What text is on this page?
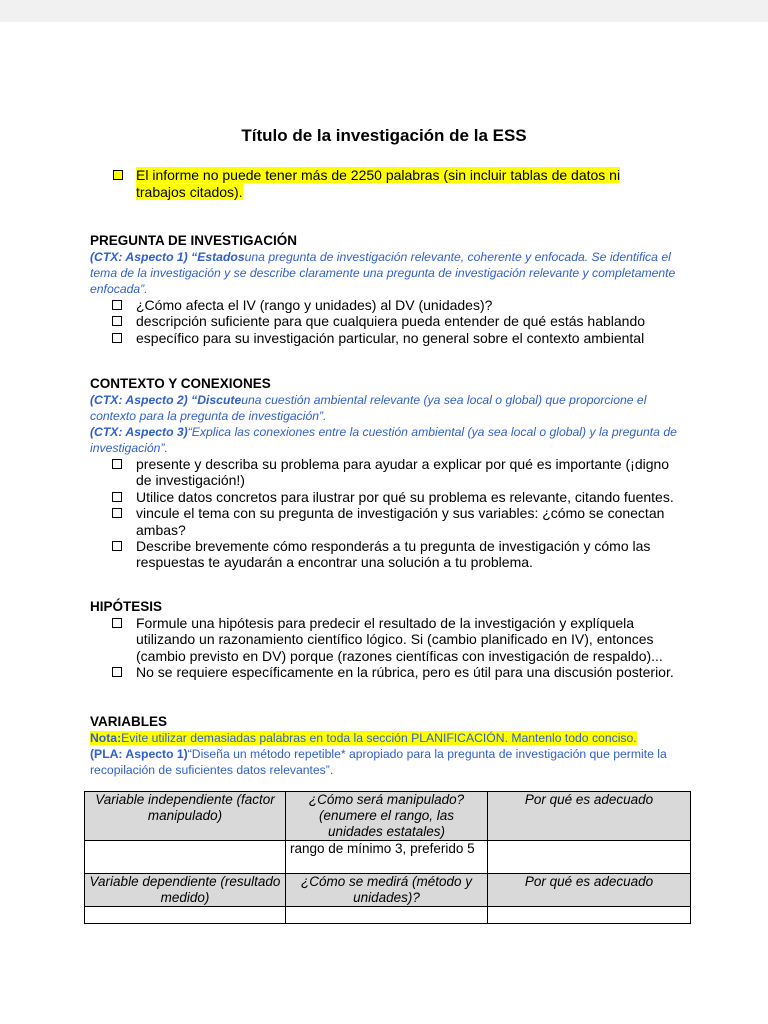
Título de la investigación de la ESS
El informe no puede tener más de 2250 palabras (sin incluir tablas de datos ni trabajos citados).
PREGUNTA DE INVESTIGACIÓN

(CTX: Aspecto 1) “Estadosuna pregunta de investigación relevante, coherente y enfocada. Se identifica el tema de la investigación y se describe claramente una pregunta de investigación relevante y completamente enfocada”.

¿Cómo afecta el IV (rango y unidades) al DV (unidades)?
descripción suficiente para que cualquiera pueda entender de qué estás hablando
específico para su investigación particular, no general sobre el contexto ambiental
CONTEXTO Y CONEXIONES

(CTX: Aspecto 2) “Discuteuna cuestión ambiental relevante (ya sea local o global) que proporcione el contexto para la pregunta de investigación”.

(CTX: Aspecto 3)“Explica las conexiones entre la cuestión ambiental (ya sea local o global) y la pregunta de investigación”.

presente y describa su problema para ayudar a explicar por qué es importante (¡digno de investigación!)
Utilice datos concretos para ilustrar por qué su problema es relevante, citando fuentes.
vincule el tema con su pregunta de investigación y sus variables: ¿cómo se conectan ambas?
Describe brevemente cómo responderás a tu pregunta de investigación y cómo las respuestas te ayudarán a encontrar una solución a tu problema.
HIPÓTESIS
Formule una hipótesis para predecir el resultado de la investigación y explíquela utilizando un razonamiento científico lógico. Si (cambio planificado en IV), entonces (cambio previsto en DV) porque (razones científicas con investigación de respaldo)...
No se requiere específicamente en la rúbrica, pero es útil para una discusión posterior.
VARIABLES
Nota:Evite utilizar demasiadas palabras en toda la sección PLANIFICACIÓN. Mantenlo todo conciso.

(PLA: Aspecto 1)“Diseña un método repetible* apropiado para la pregunta de investigación que permite la recopilación de suficientes datos relevantes”.

Variable independiente (factor manipulado)	¿Cómo será manipulado? (enumere el rango, las unidades estatales)	Por qué es adecuado
	rango de mínimo 3, preferido 5	
Variable dependiente (resultado medido)	¿Cómo se medirá (método y unidades)?	Por qué es adecuado
